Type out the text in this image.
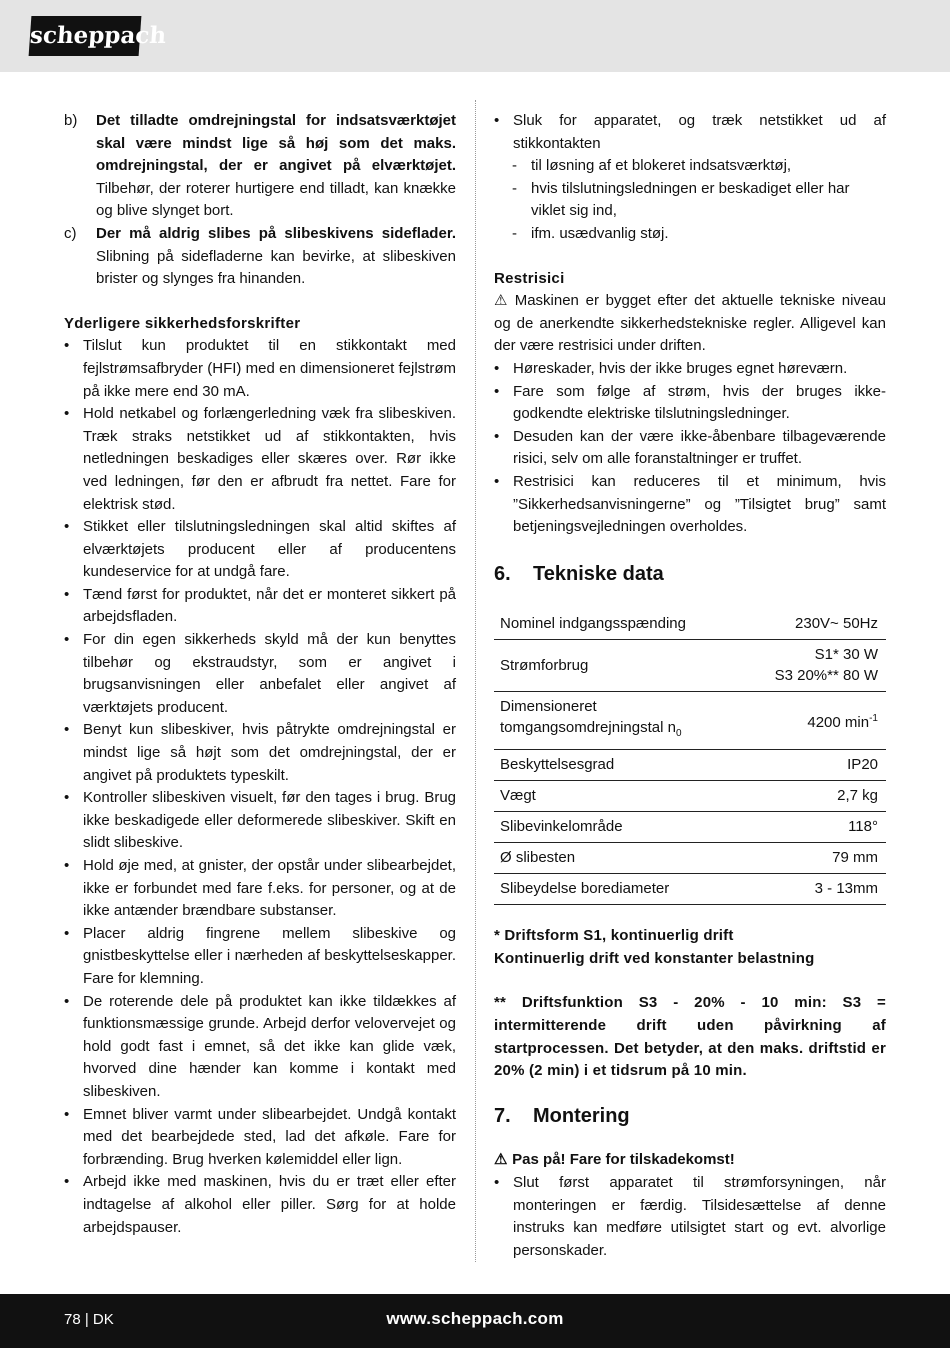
scheppach
b) Det tilladte omdrejningstal for indsatsværktøjet skal være mindst lige så høj som det maks. omdrejningstal, der er angivet på elværktøjet. Tilbehør, der roterer hurtigere end tilladt, kan knække og blive slynget bort.
c) Der må aldrig slibes på slibeskivens sideflader. Slibning på sidefladerne kan bevirke, at slibeskiven brister og slynges fra hinanden.

Yderligere sikkerhedsforskrifter

• Tilslut kun produktet til en stikkontakt med fejlstrømsafbryder (HFI) med en dimensioneret fejlstrøm på ikke mere end 30 mA.
• Hold netkabel og forlængerledning væk fra slibeskiven. Træk straks netstikket ud af stikkontakten, hvis netledningen beskadiges eller skæres over. Rør ikke ved ledningen, før den er afbrudt fra nettet. Fare for elektrisk stød.
• Stikket eller tilslutningsledningen skal altid skiftes af elværktøjets producent eller af producentens kundeservice for at undgå fare.
• Tænd først for produktet, når det er monteret sikkert på arbejdsfladen.
• For din egen sikkerheds skyld må der kun benyttes tilbehør og ekstraudstyr, som er angivet i brugsanvisningen eller anbefalet eller angivet af værktøjets producent.
• Benyt kun slibeskiver, hvis påtrykte omdrejningstal er mindst lige så højt som det omdrejningstal, der er angivet på produktets typeskilt.
• Kontroller slibeskiven visuelt, før den tages i brug. Brug ikke beskadigede eller deformerede slibeskiver. Skift en slidt slibeskive.
• Hold øje med, at gnister, der opstår under slibearbejdet, ikke er forbundet med fare f.eks. for personer, og at de ikke antænder brændbare substanser.
• Placer aldrig fingrene mellem slibeskive og gnistbeskyttelse eller i nærheden af beskyttelseskapper. Fare for klemning.
• De roterende dele på produktet kan ikke tildækkes af funktionsmæssige grunde. Arbejd derfor velovervejet og hold godt fast i emnet, så det ikke kan glide væk, hvorved dine hænder kan komme i kontakt med slibeskiven.
• Emnet bliver varmt under slibearbejdet. Undgå kontakt med det bearbejdede sted, lad det afkøle. Fare for forbrænding. Brug hverken kølemiddel eller lign.
• Arbejd ikke med maskinen, hvis du er træt eller efter indtagelse af alkohol eller piller. Sørg for at holde arbejdspauser.
• Sluk for apparatet, og træk netstikket ud af stikkontakten
- til løsning af et blokeret indsatsværktøj,
- hvis tilslutningsledningen er beskadiget eller har viklet sig ind,
- ifm. usædvanlig støj.

Restrisici

⚠ Maskinen er bygget efter det aktuelle tekniske niveau og de anerkendte sikkerhedstekniske regler. Alligevel kan der være restrisici under driften.

• Høreskader, hvis der ikke bruges egnet høreværn.
• Fare som følge af strøm, hvis der bruges ikke-godkendte elektriske tilslutningsledninger.
• Desuden kan der være ikke-åbenbare tilbageværende risici, selv om alle foranstaltninger er truffet.
• Restrisici kan reduceres til et minimum, hvis ”Sikkerhedsanvisningerne” og ”Tilsigtet brug” samt betjeningsvejledningen overholdes.
6.	Tekniske data
Nominel indgangsspænding	230V~ 50Hz
Strømforbrug	S1* 30 W
S3 20%** 80 W
Dimensioneret
tomgangsomdrejningstal $n_0$	4200 $\min^{-1}$
Beskyttelsesgrad	IP20
Vægt	2,7 kg
Slibevinkelområde	118°
Ø slibesten	79 mm
Slibeydelse borediameter	3 - 13mm

* Driftsform S1, kontinuerlig drift
Kontinuerlig drift ved konstanter belastning

** Driftsfunktion S3 - 20% - 10 min: S3 = intermitterende drift uden påvirkning af startprocessen. Det betyder, at den maks. driftstid er 20% (2 min) i et tidsrum på 10 min.

7.	Montering

⚠ Pas på! Fare for tilskadekomst!

• Slut først apparatet til strømforsyningen, når monteringen er færdig. Tilsidesættelse af denne instruks kan medføre utilsigtet start og evt. alvorlige personskader.
78 | DK	www.scheppach.com
